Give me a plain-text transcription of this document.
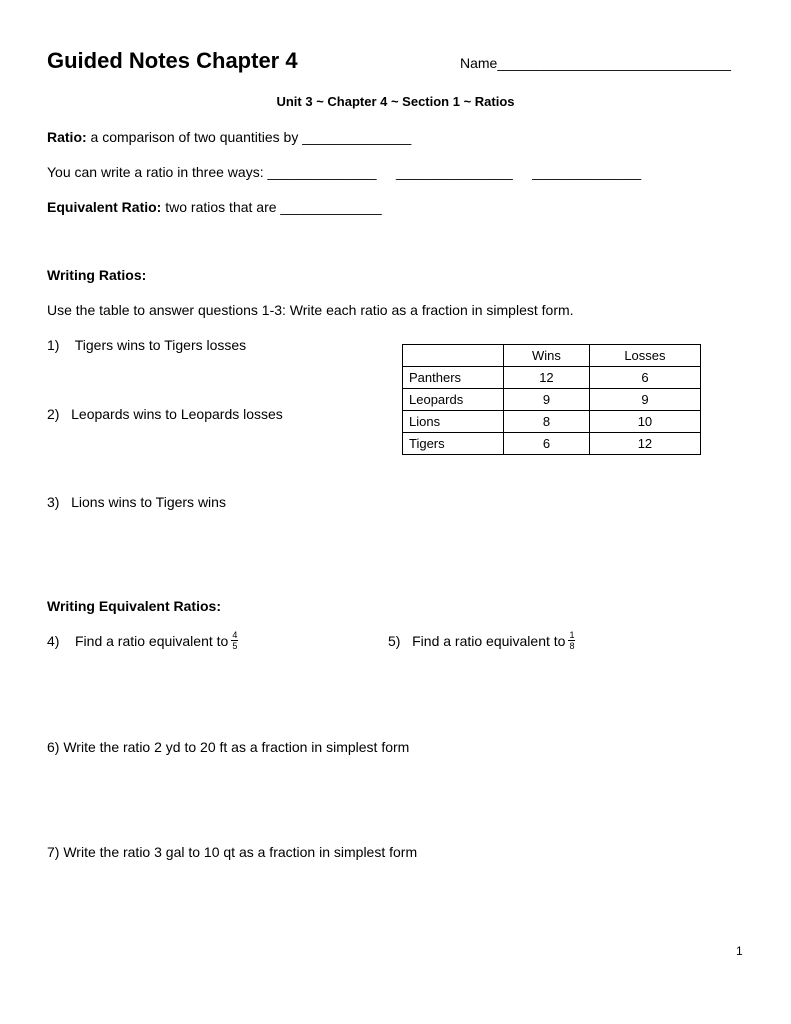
Guided Notes Chapter 4	Name______________________________
Unit 3 ~ Chapter 4 ~ Section 1 ~ Ratios
Ratio: a comparison of two quantities by ______________
You can write a ratio in three ways: ______________     _______________     ______________
Equivalent Ratio: two ratios that are _____________
Writing Ratios:
Use the table to answer questions 1-3: Write each ratio as a fraction in simplest form.
1)    Tigers wins to Tigers losses
2)   Leopards wins to Leopards losses
3)   Lions wins to Tigers wins
	Wins	Losses
Panthers	12	6
Leopards	9	9
Lions	8	10
Tigers	6	12
Writing Equivalent Ratios:
4)    Find a ratio equivalent to $\frac{4}{5}$	5)   Find a ratio equivalent to $\frac{1}{8}$
6) Write the ratio 2 yd to 20 ft as a fraction in simplest form
7) Write the ratio 3 gal to 10 qt as a fraction in simplest form
1
